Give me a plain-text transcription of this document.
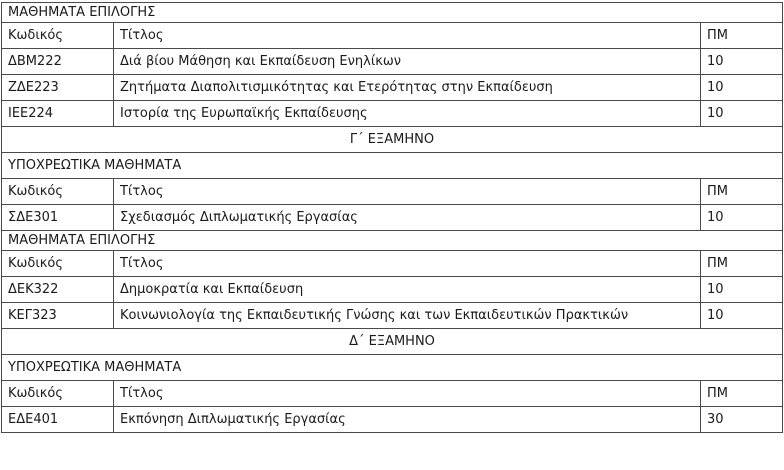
ΜΑΘΗΜΑΤΑ ΕΠΙΛΟΓΗΣ		
Κωδικός	Τίτλος	ΠΜ
ΔΒΜ222	Διά βίου Μάθηση και Εκπαίδευση Ενηλίκων	10
ΖΔΕ223	Ζητήματα Διαπολιτισμικότητας και Ετερότητας στην Εκπαίδευση	10
ΙΕΕ224	Ιστορία της Ευρωπαϊκής Εκπαίδευσης	10
Γ΄ ΕΞΑΜΗΝΟ		
ΥΠΟΧΡΕΩΤΙΚΑ ΜΑΘΗΜΑΤΑ		
Κωδικός	Τίτλος	ΠΜ
ΣΔΕ301	Σχεδιασμός Διπλωματικής Εργασίας	10
ΜΑΘΗΜΑΤΑ ΕΠΙΛΟΓΗΣ		
Κωδικός	Τίτλος	ΠΜ
ΔΕΚ322	Δημοκρατία και Εκπαίδευση	10
ΚΕΓ323	Κοινωνιολογία της Εκπαιδευτικής Γνώσης και των Εκπαιδευτικών Πρακτικών	10
Δ΄ ΕΞΑΜΗΝΟ		
ΥΠΟΧΡΕΩΤΙΚΑ ΜΑΘΗΜΑΤΑ		
Κωδικός	Τίτλος	ΠΜ
ΕΔΕ401	Εκπόνηση Διπλωματικής Εργασίας	30
